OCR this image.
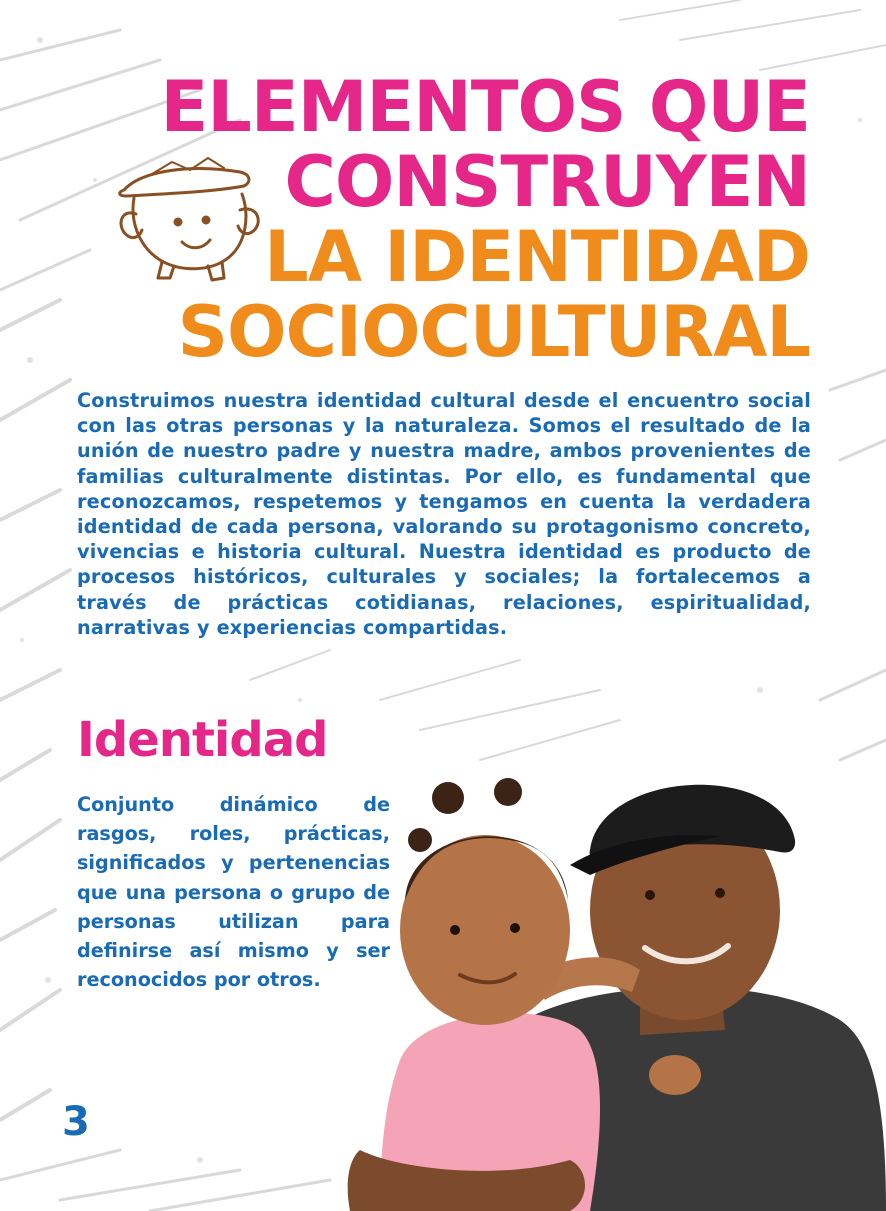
ELEMENTOS QUE
CONSTRUYEN
LA IDENTIDAD
SOCIOCULTURAL

Construimos nuestra identidad cultural desde el encuentro social con las otras personas y la naturaleza. Somos el resultado de la unión de nuestro padre y nuestra madre, ambos provenientes de familias culturalmente distintas. Por ello, es fundamental que reconozcamos, respetemos y tengamos en cuenta la verdadera identidad de cada persona, valorando su protagonismo concreto, vivencias e historia cultural. Nuestra identidad es producto de procesos históricos, culturales y sociales; la fortalecemos a través de prácticas cotidianas, relaciones, espiritualidad, narrativas y experiencias compartidas.

Identidad

Conjunto dinámico de rasgos, roles, prácticas, significados y pertenencias que una persona o grupo de personas utilizan para definirse así mismo y ser reconocidos por otros.

3
